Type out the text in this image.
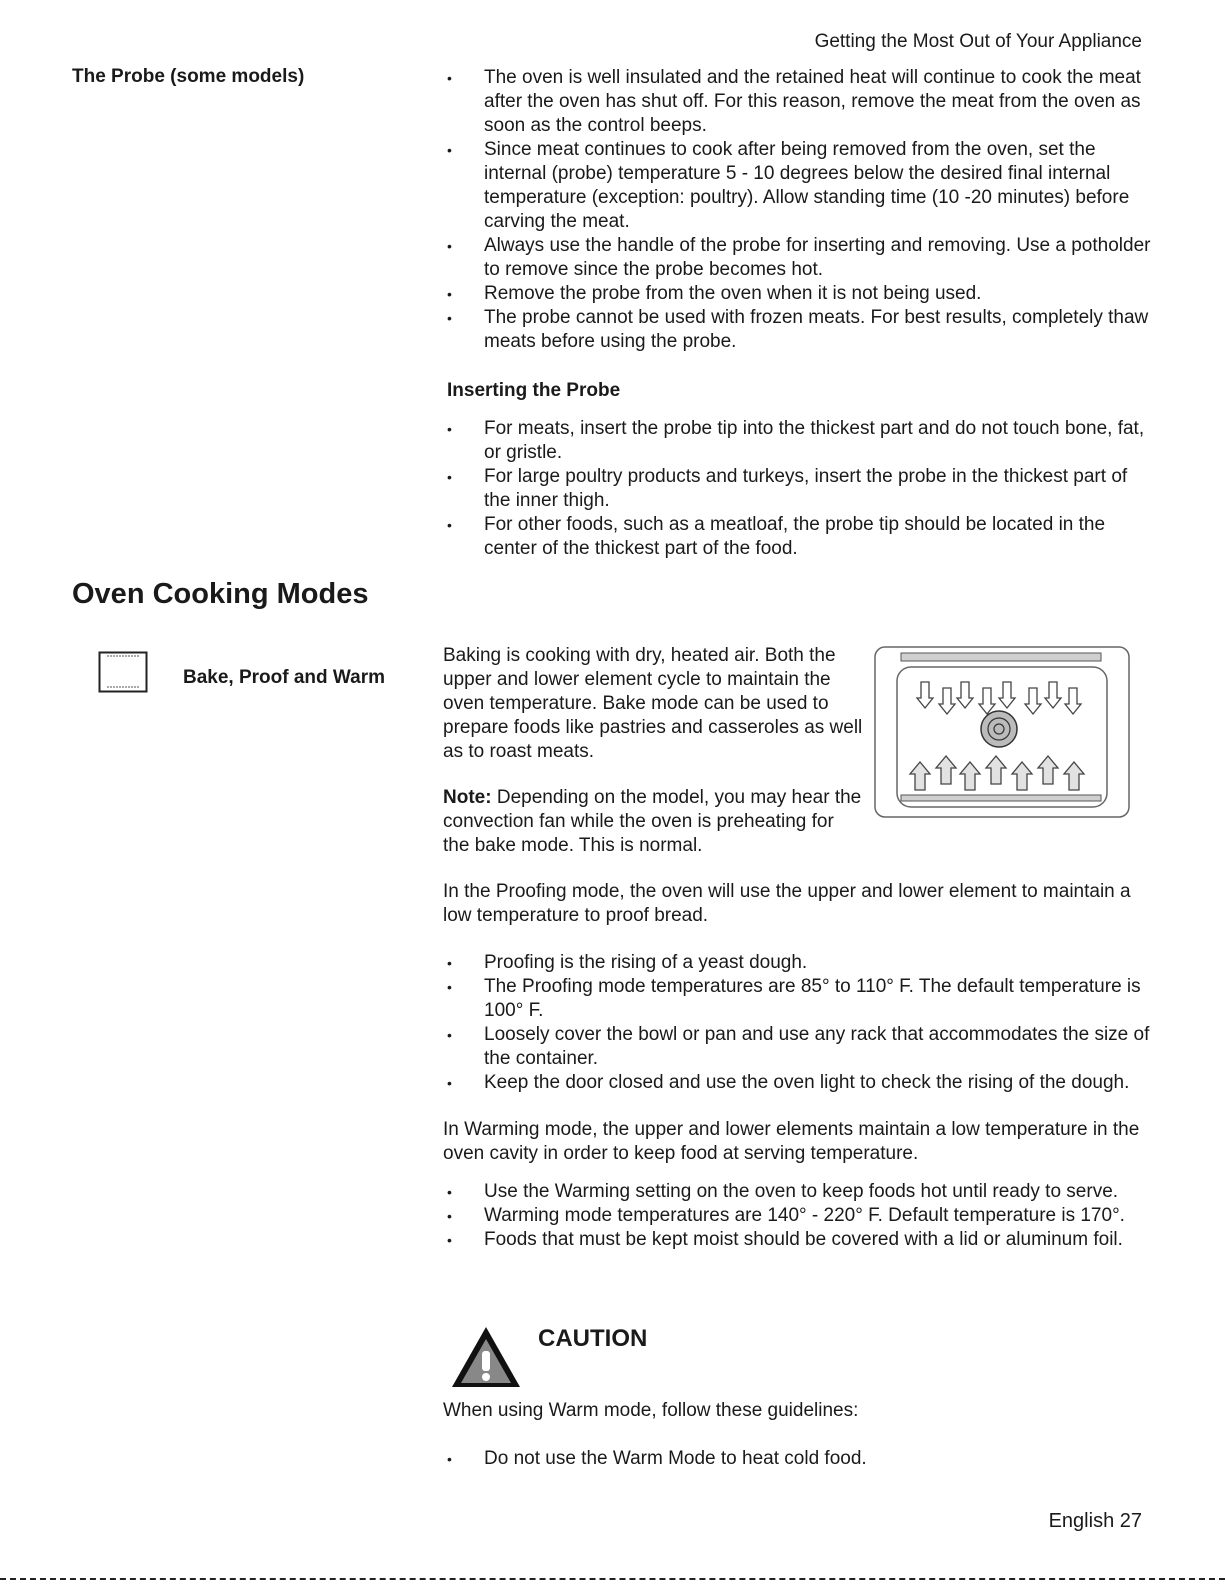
Getting the Most Out of Your Appliance
The Probe (some models)
•	The oven is well insulated and the retained heat will continue to cook the meat after the oven has shut off. For this reason, remove the meat from the oven as soon as the control beeps.
• Since meat continues to cook after being removed from the oven, set the internal (probe) temperature 5 - 10 degrees below the desired final internal temperature (exception: poultry). Allow standing time (10 -20 minutes) before carving the meat.
• Always use the handle of the probe for inserting and removing. Use a potholder to remove since the probe becomes hot.
• Remove the probe from the oven when it is not being used.
• The probe cannot be used with frozen meats. For best results, completely thaw meats before using the probe.
Inserting the Probe
• For meats, insert the probe tip into the thickest part and do not touch bone, fat, or gristle.
• For large poultry products and turkeys, insert the probe in the thickest part of the inner thigh.
• For other foods, such as a meatloaf, the probe tip should be located in the center of the thickest part of the food.
Oven Cooking Modes
Bake, Proof and Warm

Baking is cooking with dry, heated air. Both the upper and lower element cycle to maintain the oven temperature. Bake mode can be used to prepare foods like pastries and casseroles as well as to roast meats.

Note: Depending on the model, you may hear the convection fan while the oven is preheating for the bake mode. This is normal.

In the Proofing mode, the oven will use the upper and lower element to maintain a low temperature to proof bread.

• Proofing is the rising of a yeast dough.
• The Proofing mode temperatures are 85° to 110° F. The default temperature is 100° F.
• Loosely cover the bowl or pan and use any rack that accommodates the size of the container.
• Keep the door closed and use the oven light to check the rising of the dough.

In Warming mode, the upper and lower elements maintain a low temperature in the oven cavity in order to keep food at serving temperature.

• Use the Warming setting on the oven to keep foods hot until ready to serve.
• Warming mode temperatures are 140° - 220° F. Default temperature is 170°.
• Foods that must be kept moist should be covered with a lid or aluminum foil.
CAUTION

When using Warm mode, follow these guidelines:

• Do not use the Warm Mode to heat cold food.
English 27
